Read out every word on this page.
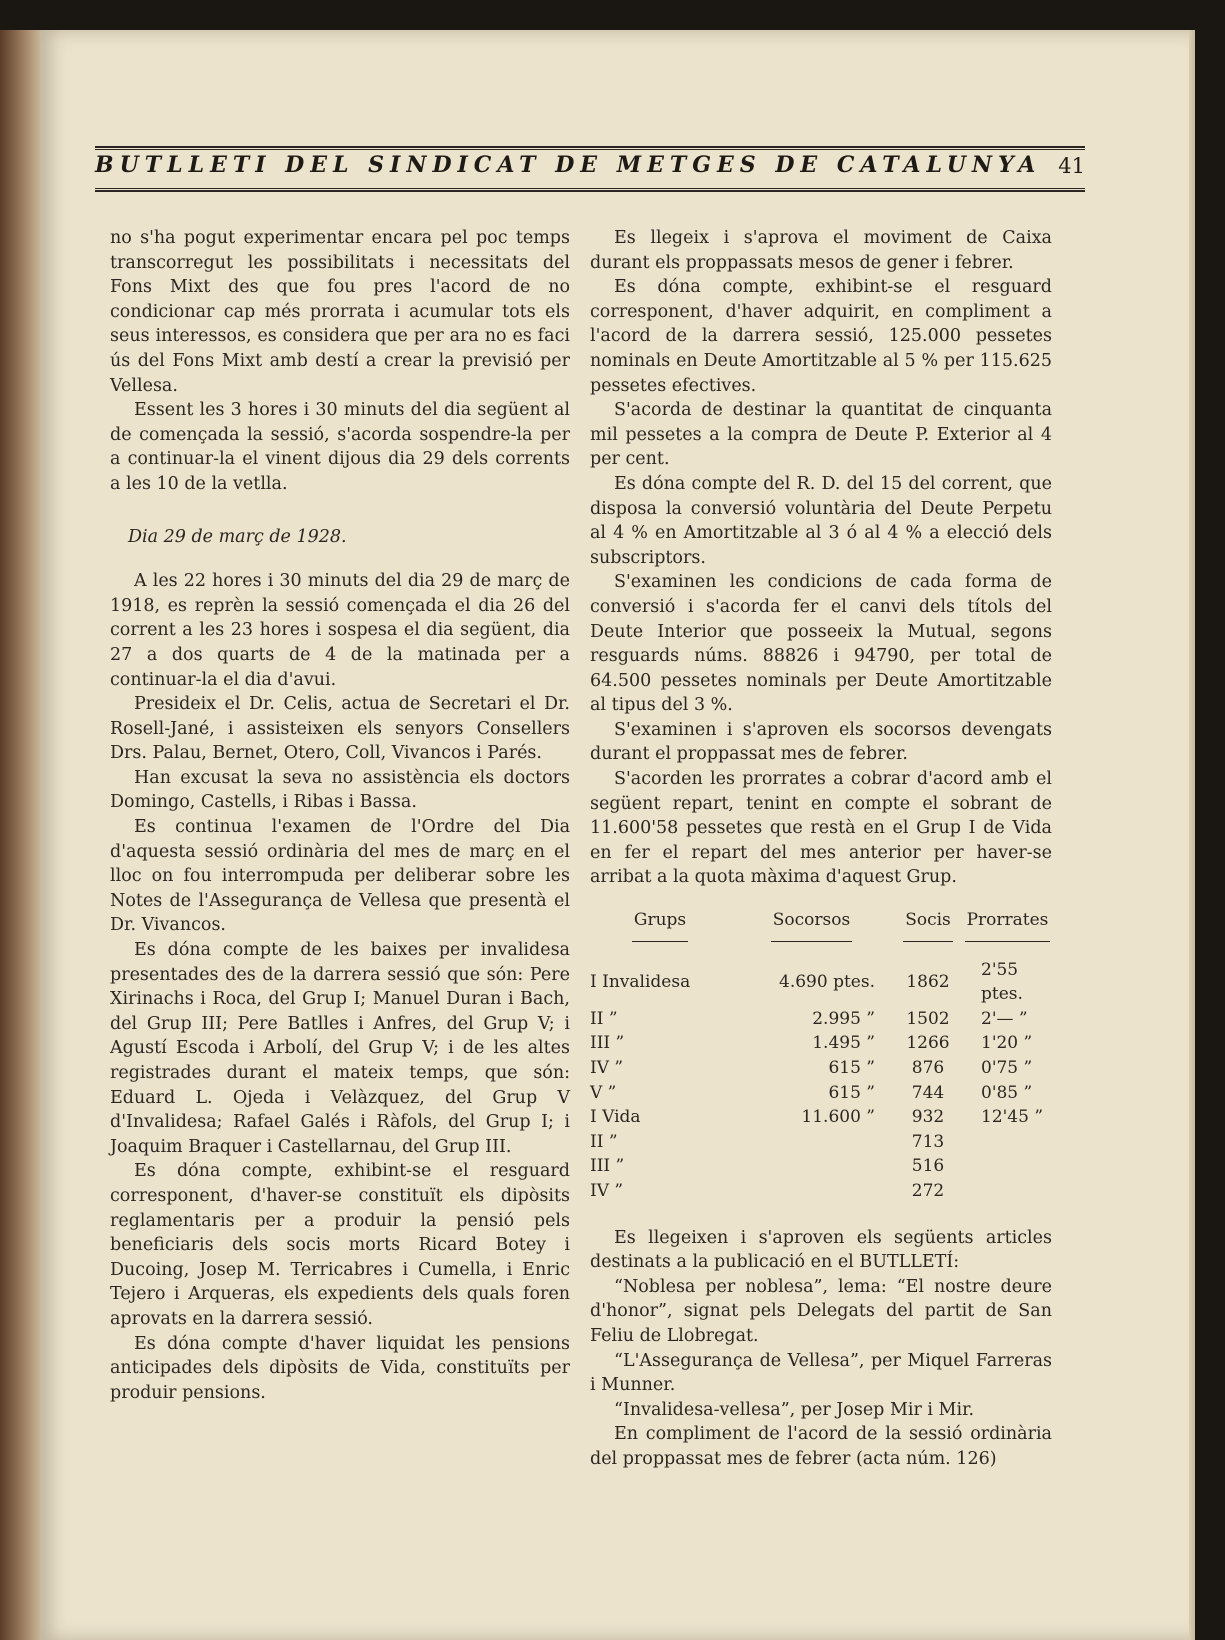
BUTLLETI DEL SINDICAT DE METGES DE CATALUNYA 41

no s'ha pogut experimentar encara pel poc temps transcorregut les possibilitats i necessitats del Fons Mixt des que fou pres l'acord de no condicionar cap més prorrata i acumular tots els seus interessos, es considera que per ara no es faci ús del Fons Mixt amb destí a crear la previsió per Vellesa.

Essent les 3 hores i 30 minuts del dia següent al de començada la sessió, s'acorda sospendre-la per a continuar-la el vinent dijous dia 29 dels corrents a les 10 de la vetlla.

Dia 29 de març de 1928.

A les 22 hores i 30 minuts del dia 29 de març de 1918, es reprèn la sessió començada el dia 26 del corrent a les 23 hores i sospesa el dia següent, dia 27 a dos quarts de 4 de la matinada per a continuar-la el dia d'avui.

Presideix el Dr. Celis, actua de Secretari el Dr. Rosell-Jané, i assisteixen els senyors Consellers Drs. Palau, Bernet, Otero, Coll, Vivancos i Parés.

Han excusat la seva no assistència els doctors Domingo, Castells, i Ribas i Bassa.

Es continua l'examen de l'Ordre del Dia d'aquesta sessió ordinària del mes de març en el lloc on fou interrompuda per deliberar sobre les Notes de l'Assegurança de Vellesa que presentà el Dr. Vivancos.

Es dóna compte de les baixes per invalidesa presentades des de la darrera sessió que són: Pere Xirinachs i Roca, del Grup I; Manuel Duran i Bach, del Grup III; Pere Batlles i Anfres, del Grup V; i Agustí Escoda i Arbolí, del Grup V; i de les altes registrades durant el mateix temps, que són: Eduard L. Ojeda i Velàzquez, del Grup V d'Invalidesa; Rafael Galés i Ràfols, del Grup I; i Joaquim Braquer i Castellarnau, del Grup III.

Es dóna compte, exhibint-se el resguard corresponent, d'haver-se constituït els dipòsits reglamentaris per a produir la pensió pels beneficiaris dels socis morts Ricard Botey i Ducoing, Josep M. Terricabres i Cumella, i Enric Tejero i Arqueras, els expedients dels quals foren aprovats en la darrera sessió.

Es dóna compte d'haver liquidat les pensions anticipades dels dipòsits de Vida, constituïts per produir pensions.

Es llegeix i s'aprova el moviment de Caixa durant els proppassats mesos de gener i febrer.

Es dóna compte, exhibint-se el resguard corresponent, d'haver adquirit, en compliment a l'acord de la darrera sessió, 125.000 pessetes nominals en Deute Amortitzable al 5 % per 115.625 pessetes efectives.

S'acorda de destinar la quantitat de cinquanta mil pessetes a la compra de Deute P. Exterior al 4 per cent.

Es dóna compte del R. D. del 15 del corrent, que disposa la conversió voluntària del Deute Perpetu al 4 % en Amortitzable al 3 ó al 4 % a elecció dels subscriptors.

S'examinen les condicions de cada forma de conversió i s'acorda fer el canvi dels títols del Deute Interior que posseeix la Mutual, segons resguards núms. 88826 i 94790, per total de 64.500 pessetes nominals per Deute Amortitzable al tipus del 3 %.

S'examinen i s'aproven els socorsos devengats durant el proppassat mes de febrer.

S'acorden les prorrates a cobrar d'acord amb el següent repart, tenint en compte el sobrant de 11.600'58 pessetes que restà en el Grup I de Vida en fer el repart del mes anterior per haver-se arribat a la quota màxima d'aquest Grup.

Grups	Socorsos	Socis	Prorrates
I Invalidesa	4.690 ptes.	1862	2'55 ptes.
II ”	2.995 ”	1502	2'— ”
III ”	1.495 ”	1266	1'20 ”
IV ”	615 ”	876	0'75 ”
V ”	615 ”	744	0'85 ”
I Vida	11.600 ”	932	12'45 ”
II ”		713	
III ”		516	
IV ”		272	

Es llegeixen i s'aproven els següents articles destinats a la publicació en el BUTLLETÍ:

“Noblesa per noblesa”, lema: “El nostre deure d'honor”, signat pels Delegats del partit de San Feliu de Llobregat.

“L'Assegurança de Vellesa”, per Miquel Farreras i Munner.

“Invalidesa-vellesa”, per Josep Mir i Mir.

En compliment de l'acord de la sessió ordinària del proppassat mes de febrer (acta núm. 126)
